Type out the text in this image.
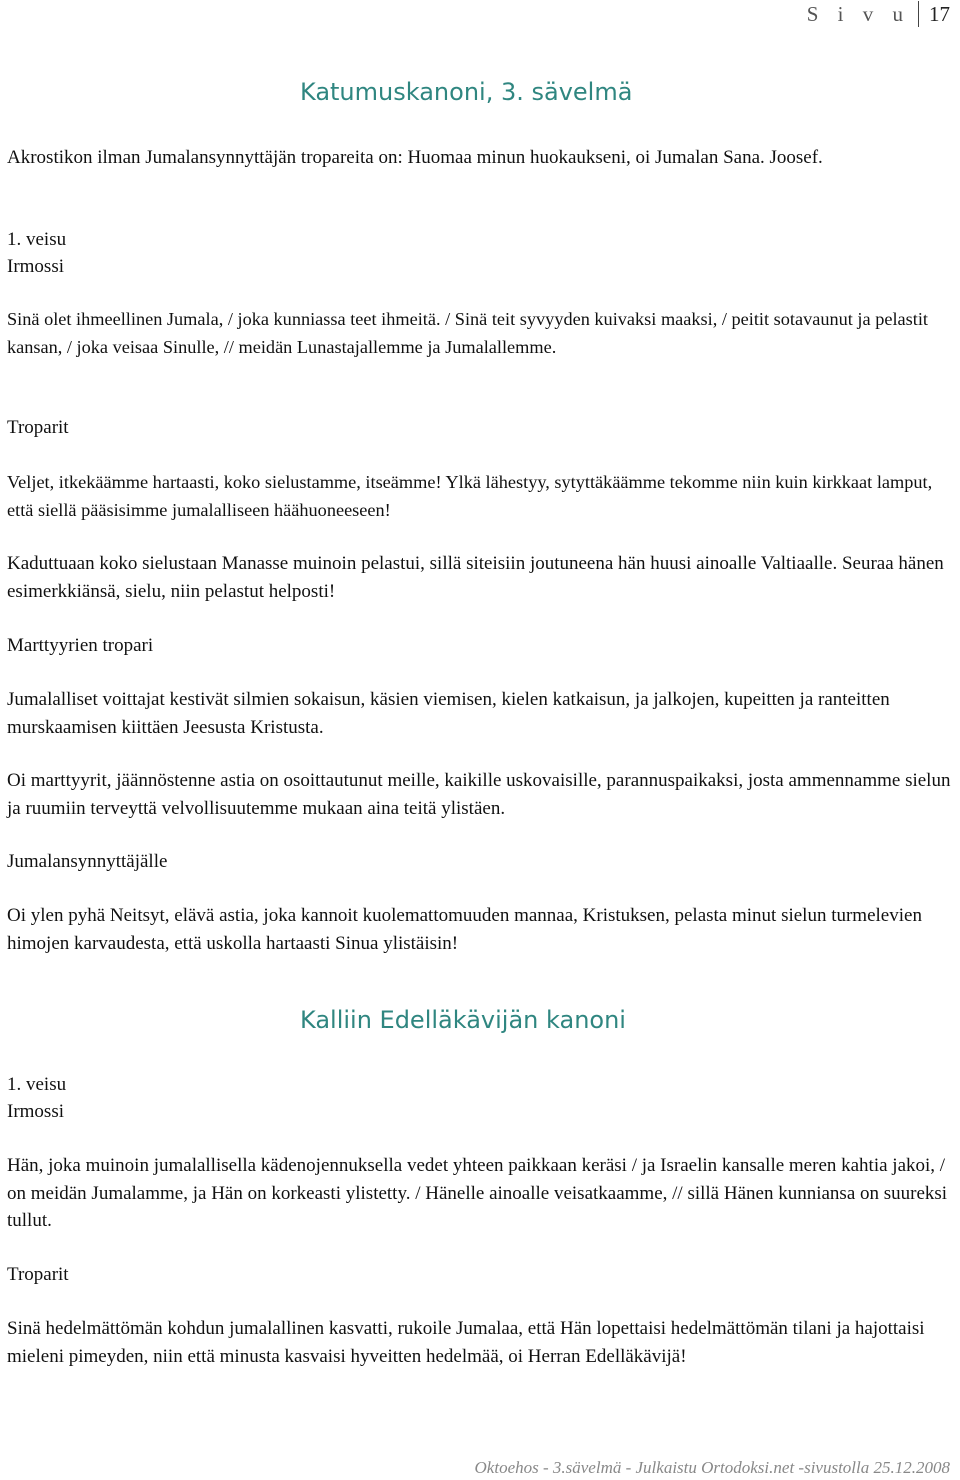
S i v u 17
Katumuskanoni, 3. sävelmä
Akrostikon ilman Jumalansynnyttäjän tropareita on: Huomaa minun huokaukseni, oi Jumalan Sana. Joosef.
1. veisu
Irmossi
Sinä olet ihmeellinen Jumala, / joka kunniassa teet ihmeitä. / Sinä teit syvyyden kuivaksi maaksi, / peitit sotavaunut ja pelastit kansan, / joka veisaa Sinulle, // meidän Lunastajallemme ja Jumalallemme.
Troparit
Veljet, itkekäämme hartaasti, koko sielustamme, itseämme! Ylkä lähestyy, sytyttäkäämme tekomme niin kuin kirkkaat lamput, että siellä pääsisimme jumalalliseen häähuoneeseen!
Kaduttuaan koko sielustaan Manasse muinoin pelastui, sillä siteisiin joutuneena hän huusi ainoalle Valtiaalle. Seuraa hänen esimerkkiänsä, sielu, niin pelastut helposti!
Marttyyrien tropari
Jumalalliset voittajat kestivät silmien sokaisun, käsien viemisen, kielen katkaisun, ja jalkojen, kupeitten ja ranteitten murskaamisen kiittäen Jeesusta Kristusta.
Oi marttyyrit, jäännöstenne astia on osoittautunut meille, kaikille uskovaisille, parannuspaikaksi, josta ammennamme sielun ja ruumiin terveyttä velvollisuutemme mukaan aina teitä ylistäen.
Jumalansynnyttäjälle
Oi ylen pyhä Neitsyt, elävä astia, joka kannoit kuolemattomuuden mannaa, Kristuksen, pelasta minut sielun turmelevien himojen karvaudesta, että uskolla hartaasti Sinua ylistäisin!
Kalliin Edelläkävijän kanoni
1. veisu
Irmossi
Hän, joka muinoin jumalallisella kädenojennuksella vedet yhteen paikkaan keräsi / ja Israelin kansalle meren kahtia jakoi, / on meidän Jumalamme, ja Hän on korkeasti ylistetty. / Hänelle ainoalle veisatkaamme, // sillä Hänen kunniansa on suureksi tullut.
Troparit
Sinä hedelmättömän kohdun jumalallinen kasvatti, rukoile Jumalaa, että Hän lopettaisi hedelmättömän tilani ja hajottaisi mieleni pimeyden, niin että minusta kasvaisi hyveitten hedelmää, oi Herran Edelläkävijä!
Oktoehos - 3.sävelmä - Julkaistu Ortodoksi.net -sivustolla 25.12.2008
